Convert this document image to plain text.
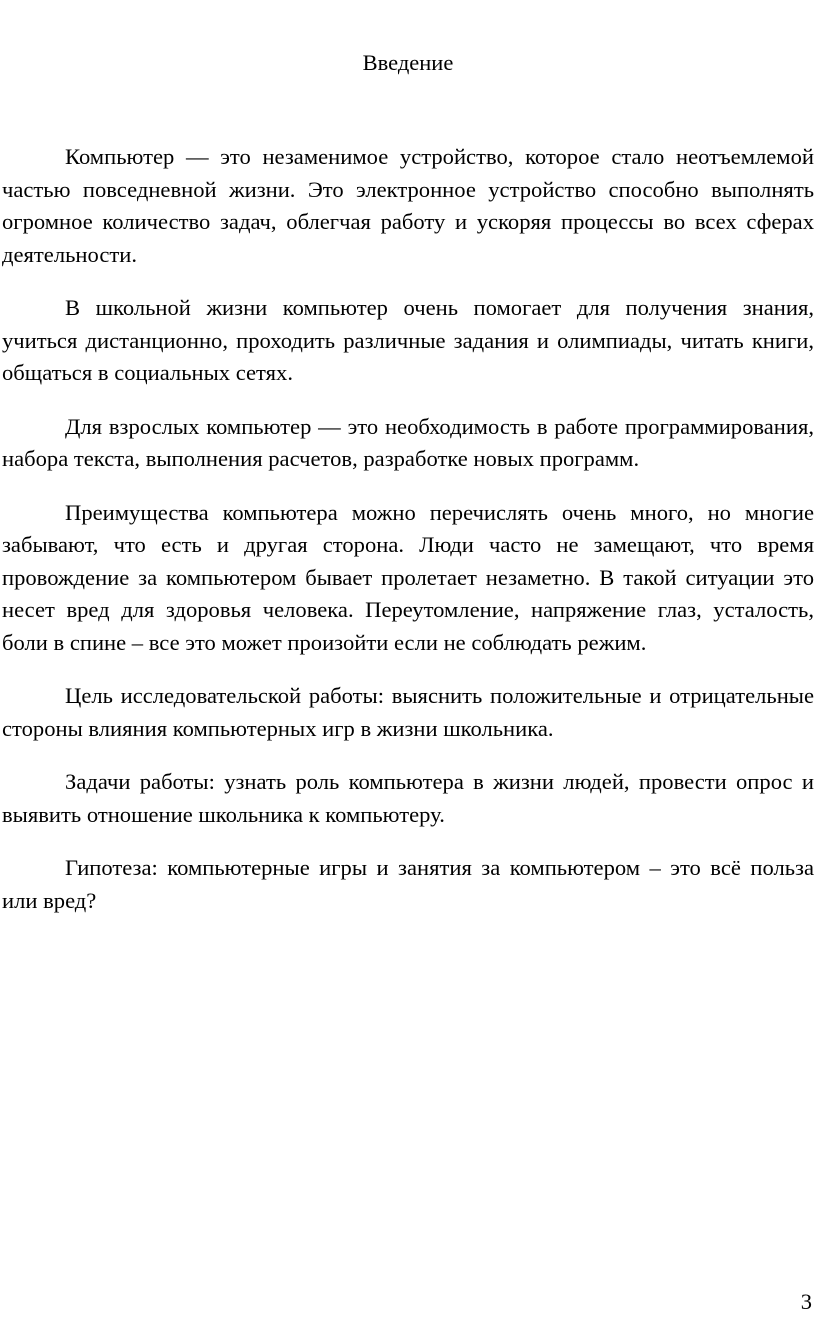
Введение

Компьютер — это незаменимое устройство, которое стало неотъемлемой частью повседневной жизни. Это электронное устройство способно выполнять огромное количество задач, облегчая работу и ускоряя процессы во всех сферах деятельности.

В школьной жизни компьютер очень помогает для получения знания, учиться дистанционно, проходить различные задания и олимпиады, читать книги, общаться в социальных сетях.

Для взрослых компьютер — это необходимость в работе программирования, набора текста, выполнения расчетов, разработке новых программ.

Преимущества компьютера можно перечислять очень много, но многие забывают, что есть и другая сторона. Люди часто не замещают, что время провождение за компьютером бывает пролетает незаметно. В такой ситуации это несет вред для здоровья человека. Переутомление, напряжение глаз, усталость, боли в спине – все это может произойти если не соблюдать режим.

Цель исследовательской работы: выяснить положительные и отрицательные стороны влияния компьютерных игр в жизни школьника.

Задачи работы: узнать роль компьютера в жизни людей, провести опрос и выявить отношение школьника к компьютеру.

Гипотеза: компьютерные игры и занятия за компьютером – это всё польза или вред?

3
